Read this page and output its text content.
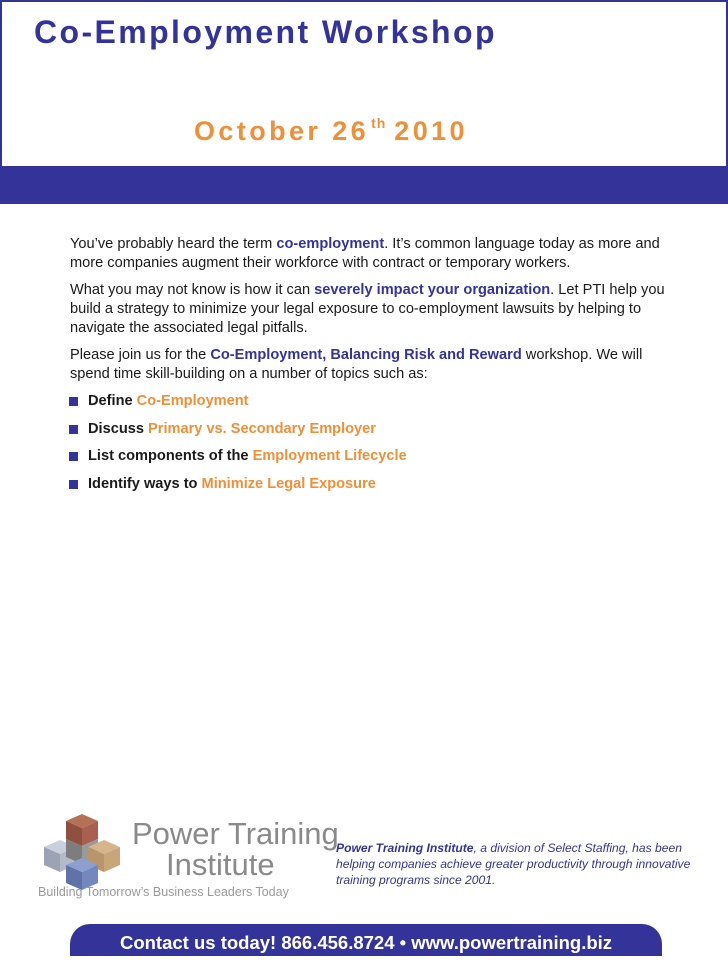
Co-Employment Workshop
October 26 $^{th}$ 2010

You’ve probably heard the term co-employment. It’s common language today as more and more companies augment their workforce with contract or temporary workers.

What you may not know is how it can severely impact your organization. Let PTI help you build a strategy to minimize your legal exposure to co-employment lawsuits by helping to navigate the associated legal pitfalls.

Please join us for the Co-Employment, Balancing Risk and Reward workshop. We will spend time skill-building on a number of topics such as:

Define Co-Employment
Discuss Primary vs. Secondary Employer
List components of the Employment Lifecycle
Identify ways to Minimize Legal Exposure
Power Training
Institute
Building Tomorrow’s Business Leaders Today
Power Training Institute, a division of Select Staffing, has been helping companies achieve greater productivity through innovative training programs since 2001.
Contact us today! 866.456.8724 • www.powertraining.biz
